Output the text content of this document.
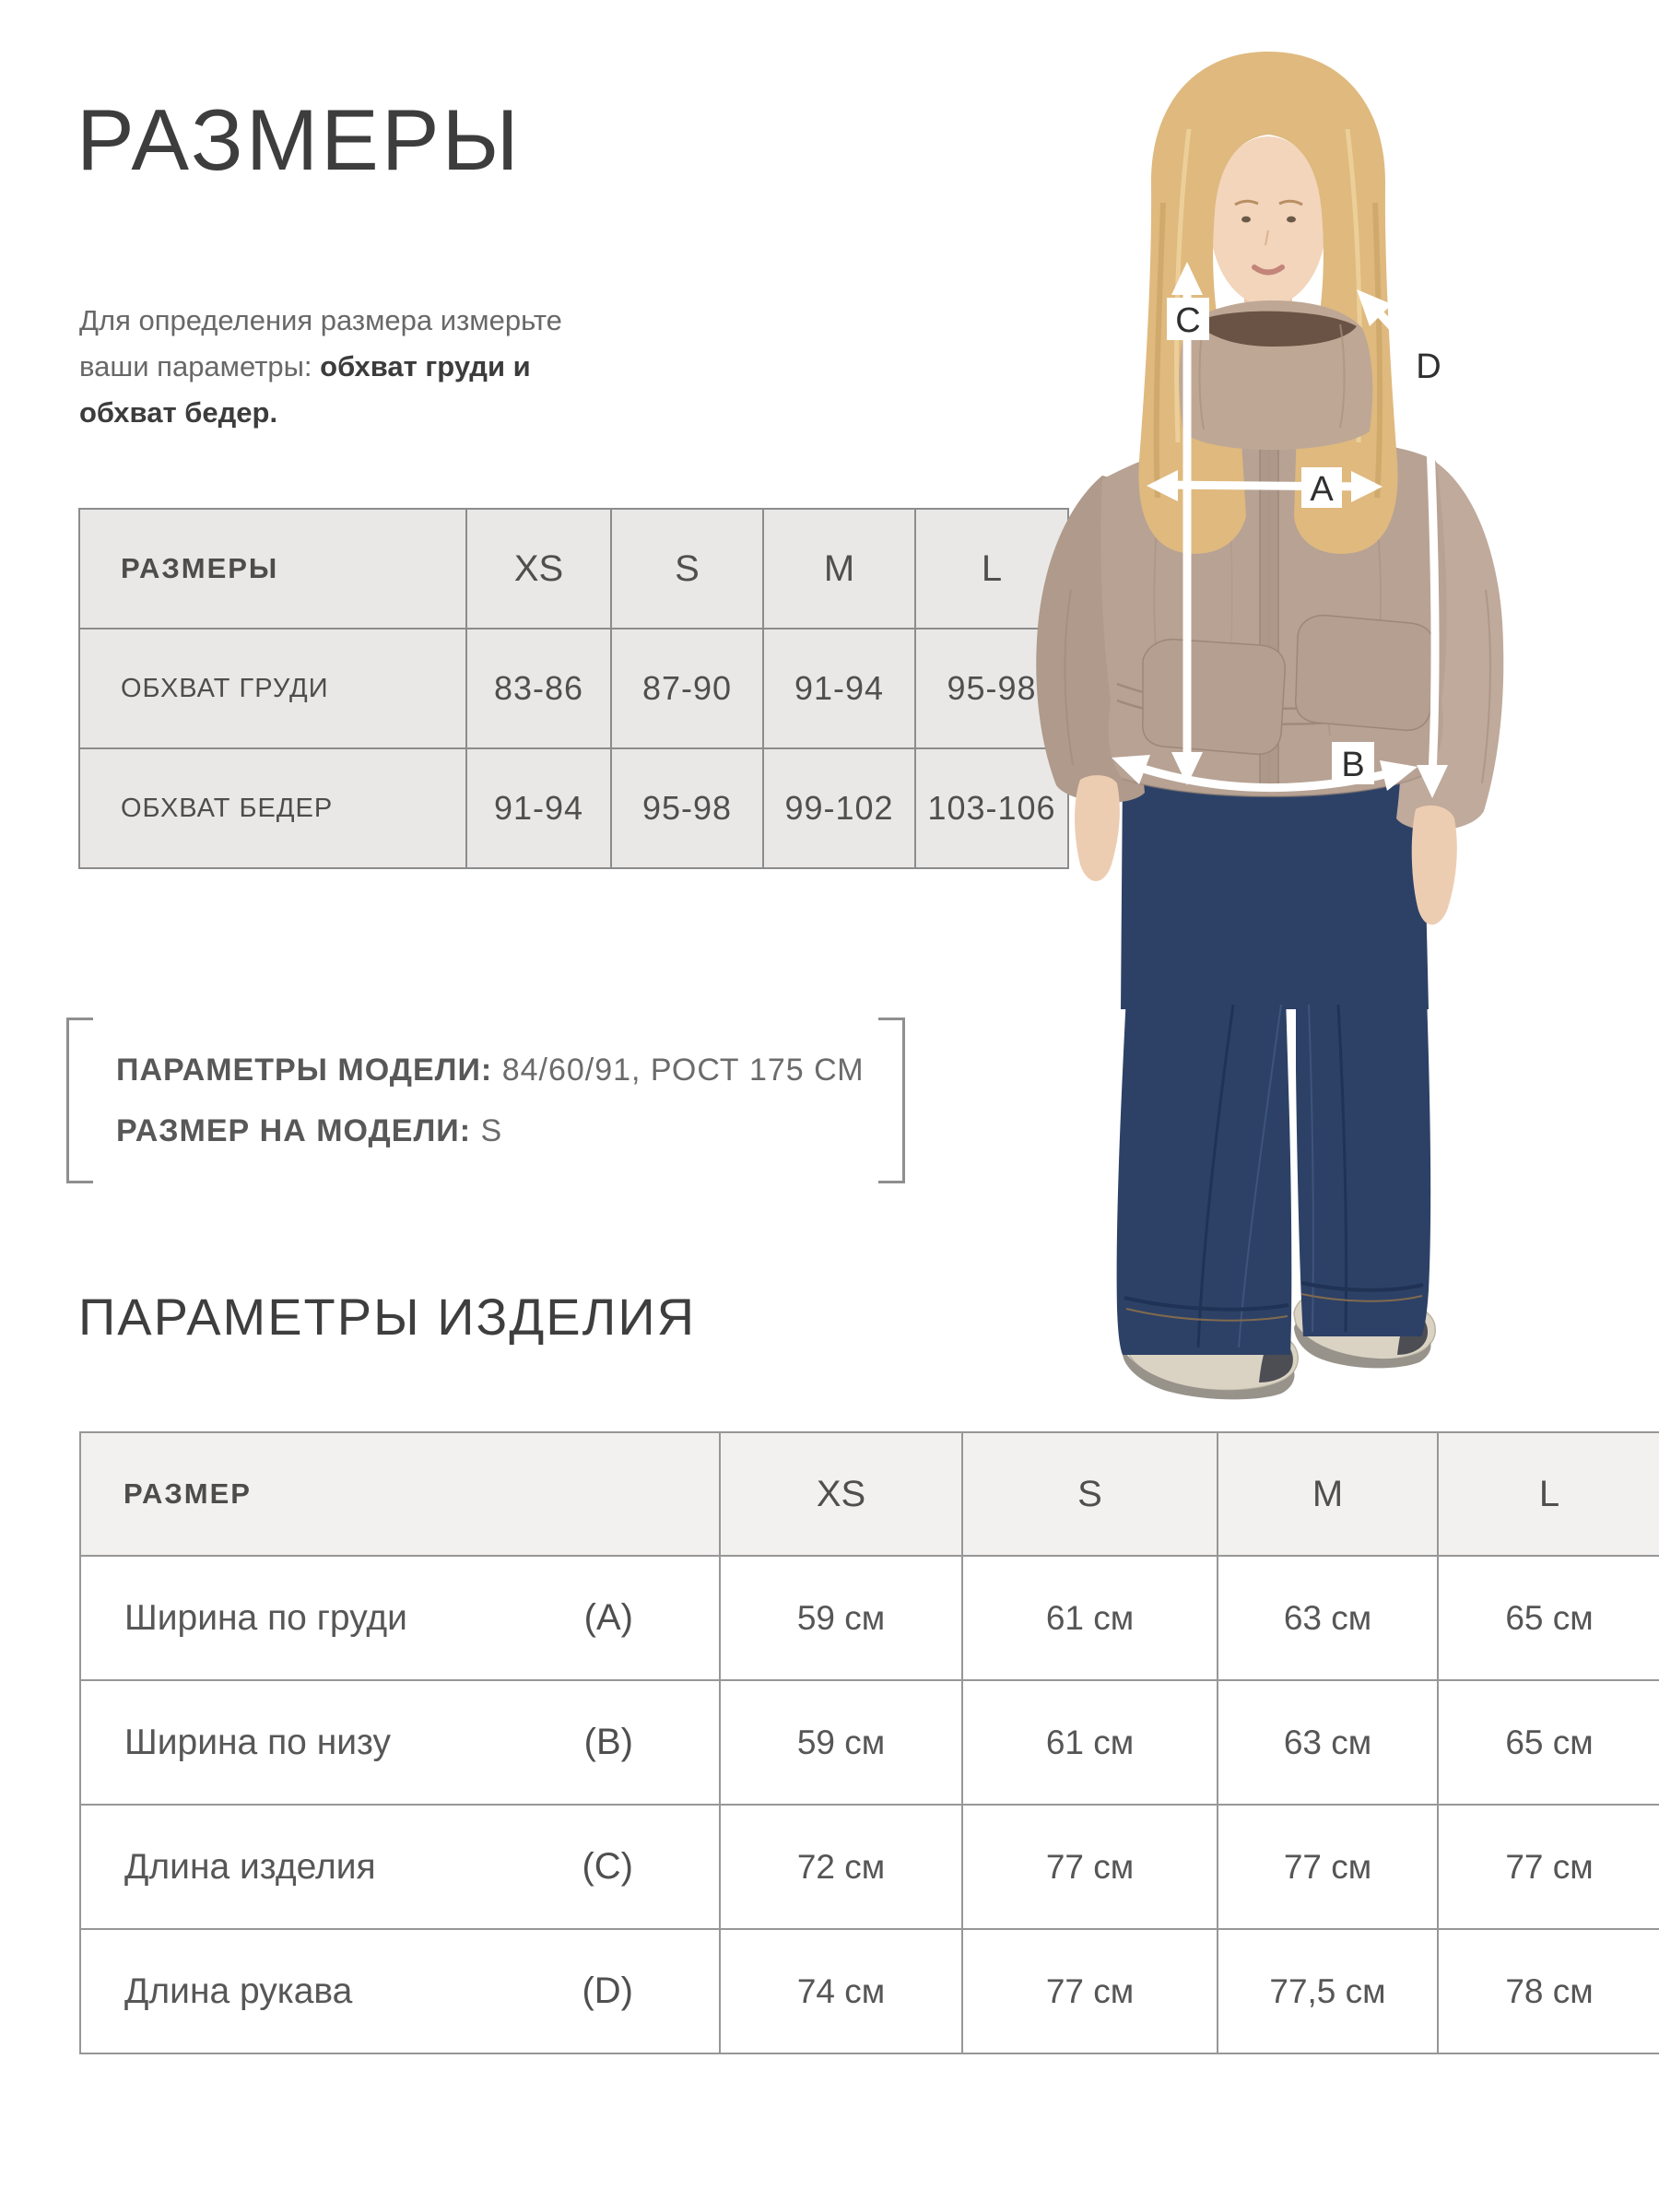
РАЗМЕРЫ

Для определения размера измерьте ваши параметры: обхват груди и обхват бедер.

РАЗМЕРЫ	XS	S	M	L
ОБХВАТ ГРУДИ	83-86	87-90	91-94	95-98
ОБХВАТ БЕДЕР	91-94	95-98	99-102	103-106
ПАРАМЕТРЫ МОДЕЛИ: 84/60/91, РОСТ 175 СМ
РАЗМЕР НА МОДЕЛИ: S
ПАРАМЕТРЫ ИЗДЕЛИЯ
РАЗМЕР	XS	S	M	L

Ширина по груди (A)	59 см	61 см	63 см	65 см

Ширина по низу (B)	59 см	61 см	63 см	65 см

Длина изделия (C)	72 см	77 см	77 см	77 см

Длина рукава (D)	74 см	77 см	77,5 см	78 см
A
B
C
D
